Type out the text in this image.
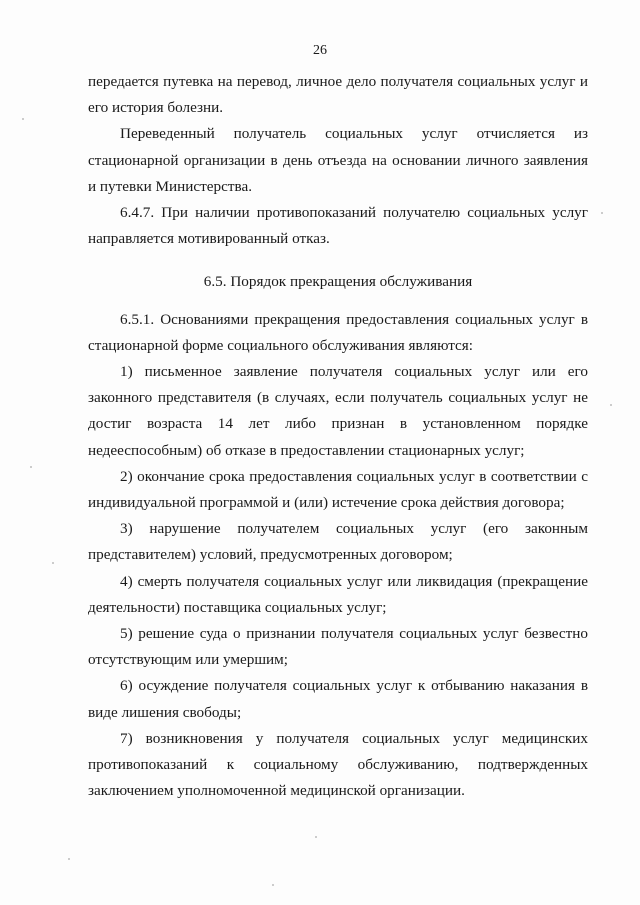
26

передается путевка на перевод, личное дело получателя социальных услуг и его история болезни.

Переведенный получатель социальных услуг отчисляется из стационарной организации в день отъезда на основании личного заявления и путевки Министерства.

6.4.7. При наличии противопоказаний получателю социальных услуг направляется мотивированный отказ.

6.5. Порядок прекращения обслуживания

6.5.1. Основаниями прекращения предоставления социальных услуг в стационарной форме социального обслуживания являются:

1) письменное заявление получателя социальных услуг или его законного представителя (в случаях, если получатель социальных услуг не достиг возраста 14 лет либо признан в установленном порядке недееспособным) об отказе в предоставлении стационарных услуг;

2) окончание срока предоставления социальных услуг в соответствии с индивидуальной программой и (или) истечение срока действия договора;

3) нарушение получателем социальных услуг (его законным представителем) условий, предусмотренных договором;

4) смерть получателя социальных услуг или ликвидация (прекращение деятельности) поставщика социальных услуг;

5) решение суда о признании получателя социальных услуг безвестно отсутствующим или умершим;

6) осуждение получателя социальных услуг к отбыванию наказания в виде лишения свободы;

7) возникновения у получателя социальных услуг медицинских противопоказаний к социальному обслуживанию, подтвержденных заключением уполномоченной медицинской организации.
